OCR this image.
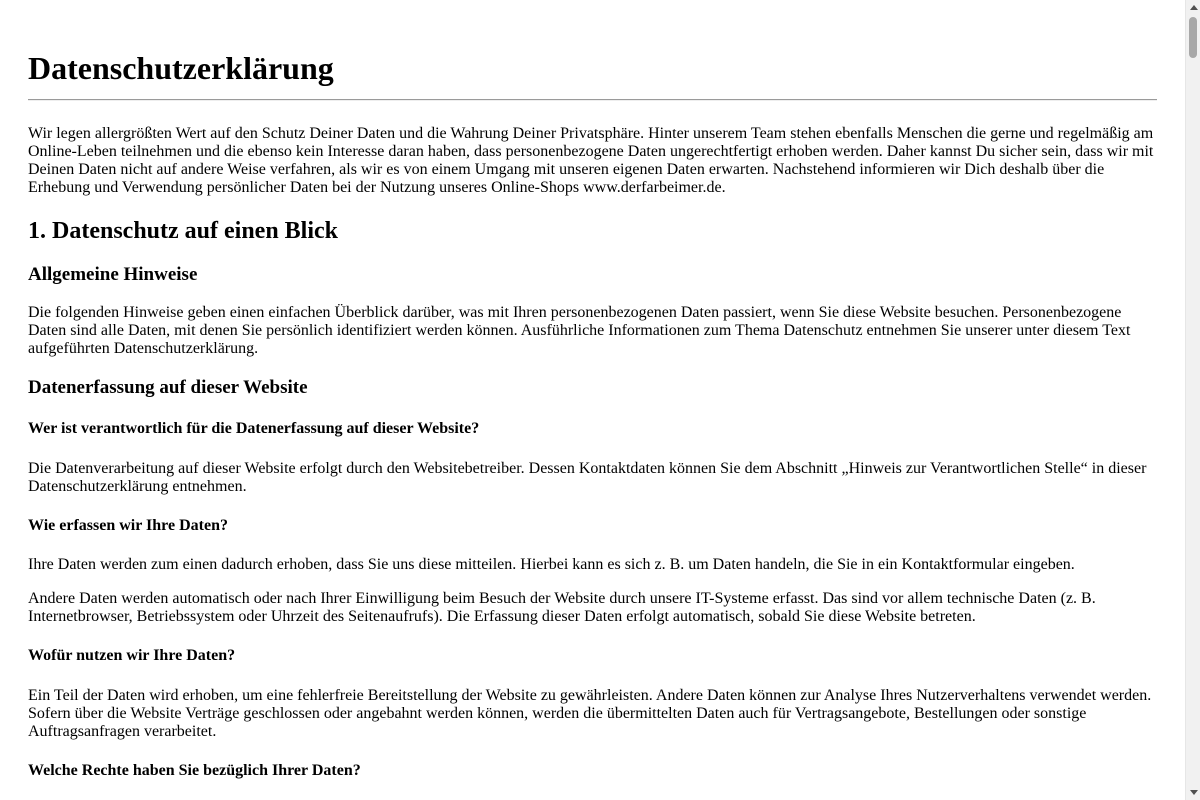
Datenschutzerklärung

Wir legen allergrößten Wert auf den Schutz Deiner Daten und die Wahrung Deiner Privatsphäre. Hinter unserem Team stehen ebenfalls Menschen die gerne und regelmäßig am Online-Leben teilnehmen und die ebenso kein Interesse daran haben, dass personenbezogene Daten ungerechtfertigt erhoben werden. Daher kannst Du sicher sein, dass wir mit Deinen Daten nicht auf andere Weise verfahren, als wir es von einem Umgang mit unseren eigenen Daten erwarten. Nachstehend informieren wir Dich deshalb über die Erhebung und Verwendung persönlicher Daten bei der Nutzung unseres Online-Shops www.derfarbeimer.de.

1. Datenschutz auf einen Blick
Allgemeine Hinweise

Die folgenden Hinweise geben einen einfachen Überblick darüber, was mit Ihren personenbezogenen Daten passiert, wenn Sie diese Website besuchen. Personenbezogene Daten sind alle Daten, mit denen Sie persönlich identifiziert werden können. Ausführliche Informationen zum Thema Datenschutz entnehmen Sie unserer unter diesem Text aufgeführten Datenschutzerklärung.

Datenerfassung auf dieser Website
Wer ist verantwortlich für die Datenerfassung auf dieser Website?

Die Datenverarbeitung auf dieser Website erfolgt durch den Websitebetreiber. Dessen Kontaktdaten können Sie dem Abschnitt „Hinweis zur Verantwortlichen Stelle“ in dieser Datenschutzerklärung entnehmen.

Wie erfassen wir Ihre Daten?

Ihre Daten werden zum einen dadurch erhoben, dass Sie uns diese mitteilen. Hierbei kann es sich z. B. um Daten handeln, die Sie in ein Kontaktformular eingeben.

Andere Daten werden automatisch oder nach Ihrer Einwilligung beim Besuch der Website durch unsere IT-Systeme erfasst. Das sind vor allem technische Daten (z. B. Internetbrowser, Betriebssystem oder Uhrzeit des Seitenaufrufs). Die Erfassung dieser Daten erfolgt automatisch, sobald Sie diese Website betreten.

Wofür nutzen wir Ihre Daten?

Ein Teil der Daten wird erhoben, um eine fehlerfreie Bereitstellung der Website zu gewährleisten. Andere Daten können zur Analyse Ihres Nutzerverhaltens verwendet werden. Sofern über die Website Verträge geschlossen oder angebahnt werden können, werden die übermittelten Daten auch für Vertragsangebote, Bestellungen oder sonstige Auftragsanfragen verarbeitet.

Welche Rechte haben Sie bezüglich Ihrer Daten?
